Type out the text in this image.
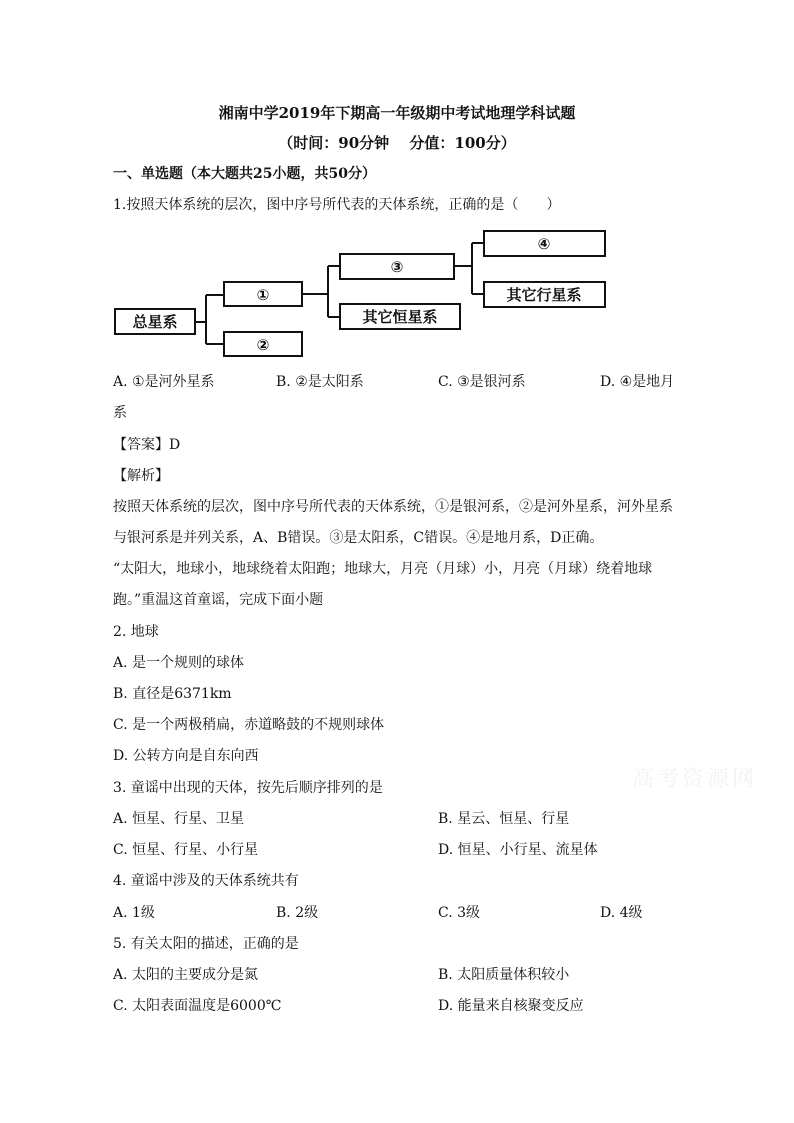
高考资源网
湘南中学2019年下期高一年级期中考试地理学科试题
（时间：90分钟　 分值：100分）
一、单选题（本大题共25小题，共50分）
1.按照天体系统的层次，图中序号所代表的天体系统，正确的是（　　）
总星系
①
②
③
其它恒星系
④
其它行星系
A. ①是河外星系	B. ②是太阳系	C. ③是银河系	D. ④是地月
系
【答案】D
【解析】
按照天体系统的层次，图中序号所代表的天体系统，①是银河系，②是河外星系，河外星系
与银河系是并列关系，A、B错误。③是太阳系，C错误。④是地月系，D正确。
“太阳大，地球小，地球绕着太阳跑；地球大，月亮（月球）小，月亮（月球）绕着地球
跑。”重温这首童谣，完成下面小题
2. 地球
A. 是一个规则的球体
B. 直径是6371km
C. 是一个两极稍扁，赤道略鼓的不规则球体
D. 公转方向是自东向西
3. 童谣中出现的天体，按先后顺序排列的是
A. 恒星、行星、卫星	B. 星云、恒星、行星
C. 恒星、行星、小行星	D. 恒星、小行星、流星体
4. 童谣中涉及的天体系统共有
A. 1级	B. 2级	C. 3级	D. 4级
5. 有关太阳的描述，正确的是
A. 太阳的主要成分是氮	B. 太阳质量体积较小
C. 太阳表面温度是6000℃	D. 能量来自核聚变反应
